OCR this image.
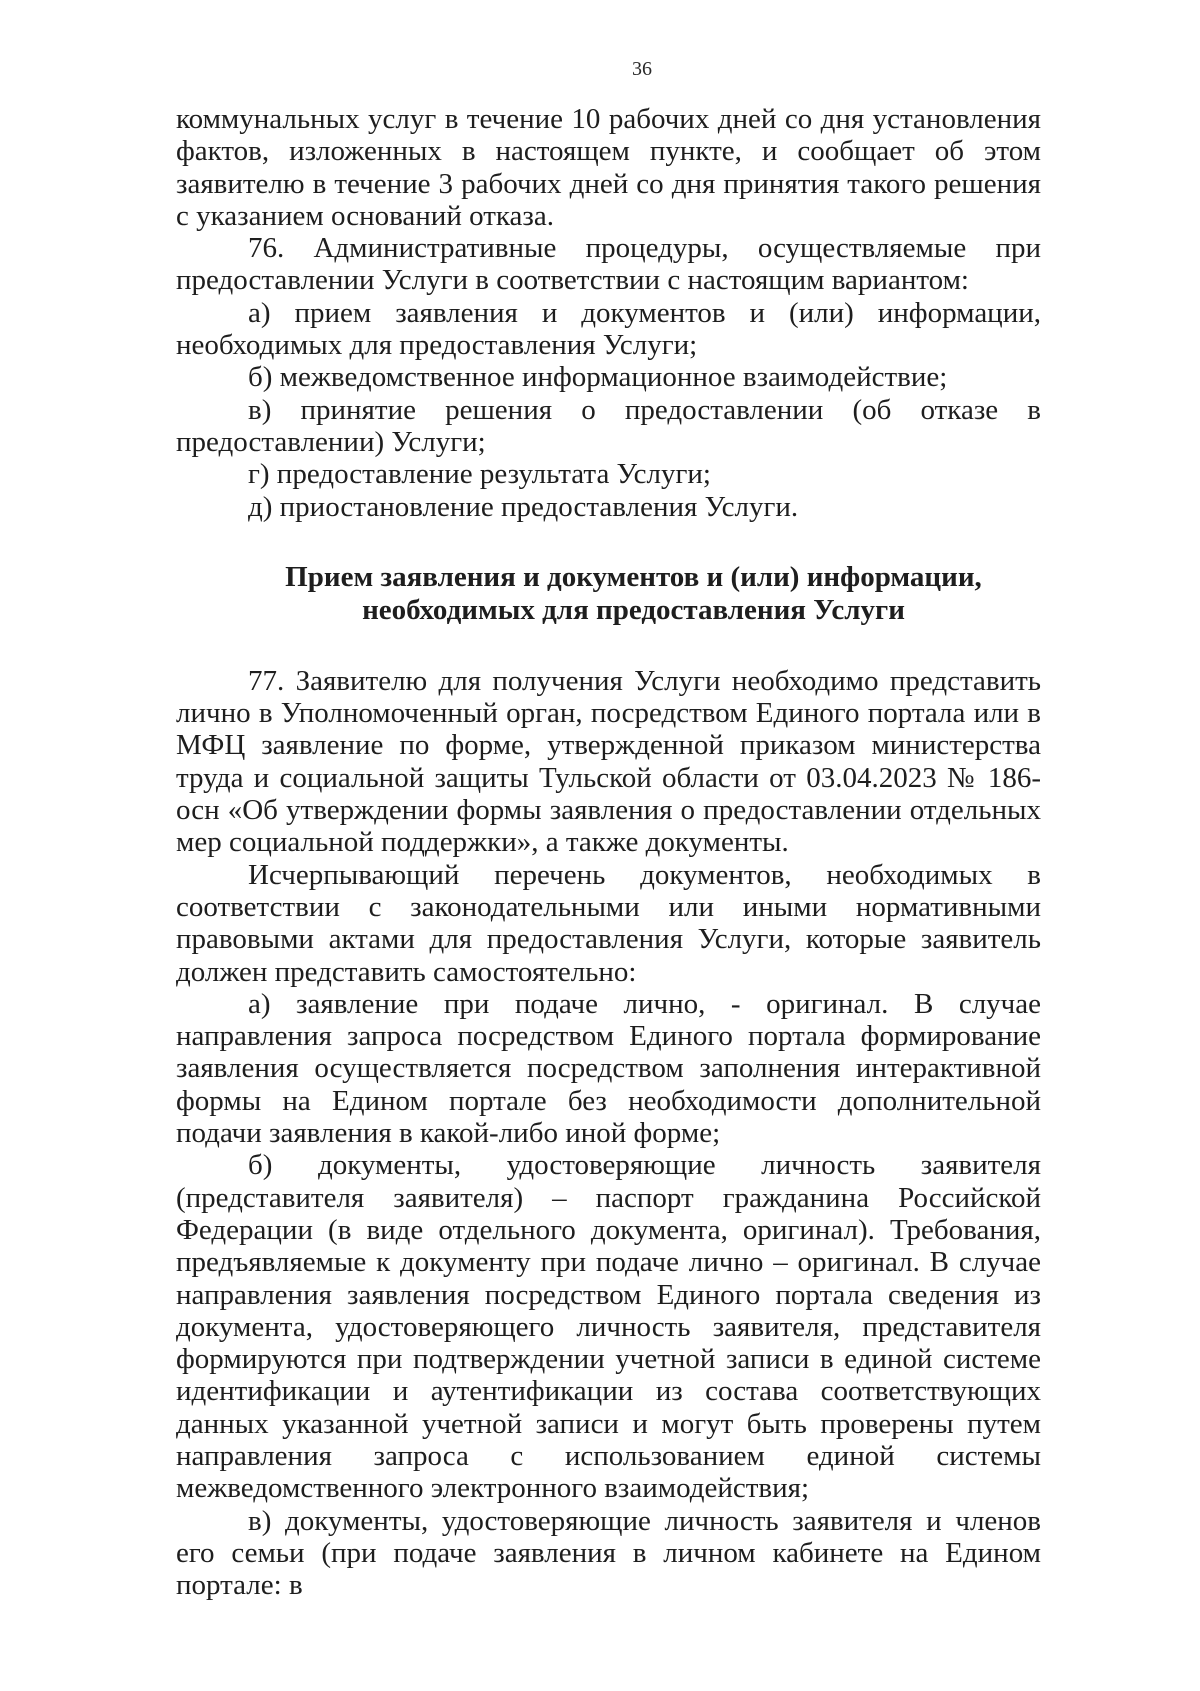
36

коммунальных услуг в течение 10 рабочих дней со дня установления фактов, изложенных в настоящем пункте, и сообщает об этом заявителю в течение 3 рабочих дней со дня принятия такого решения с указанием оснований отказа.

76. Административные процедуры, осуществляемые при предоставлении Услуги в соответствии с настоящим вариантом:

а) прием заявления и документов и (или) информации, необходимых для предоставления Услуги;

б) межведомственное информационное взаимодействие;

в) принятие решения о предоставлении (об отказе в предоставлении) Услуги;

г) предоставление результата Услуги;

д) приостановление предоставления Услуги.

Прием заявления и документов и (или) информации,
необходимых для предоставления Услуги

77. Заявителю для получения Услуги необходимо представить лично в Уполномоченный орган, посредством Единого портала или в МФЦ заявление по форме, утвержденной приказом министерства труда и социальной защиты Тульской области от 03.04.2023 № 186-осн «Об утверждении формы заявления о предоставлении отдельных мер социальной поддержки», а также документы.

Исчерпывающий перечень документов, необходимых в соответствии с законодательными или иными нормативными правовыми актами для предоставления Услуги, которые заявитель должен представить самостоятельно:

а) заявление при подаче лично, - оригинал. В случае направления запроса посредством Единого портала формирование заявления осуществляется посредством заполнения интерактивной формы на Едином портале без необходимости дополнительной подачи заявления в какой-либо иной форме;

б) документы, удостоверяющие личность заявителя (представителя заявителя) – паспорт гражданина Российской Федерации (в виде отдельного документа, оригинал). Требования, предъявляемые к документу при подаче лично – оригинал. В случае направления заявления посредством Единого портала сведения из документа, удостоверяющего личность заявителя, представителя формируются при подтверждении учетной записи в единой системе идентификации и аутентификации из состава соответствующих данных указанной учетной записи и могут быть проверены путем направления запроса с использованием единой системы межведомственного электронного взаимодействия;

в) документы, удостоверяющие личность заявителя и членов его семьи (при подаче заявления в личном кабинете на Едином портале: в
